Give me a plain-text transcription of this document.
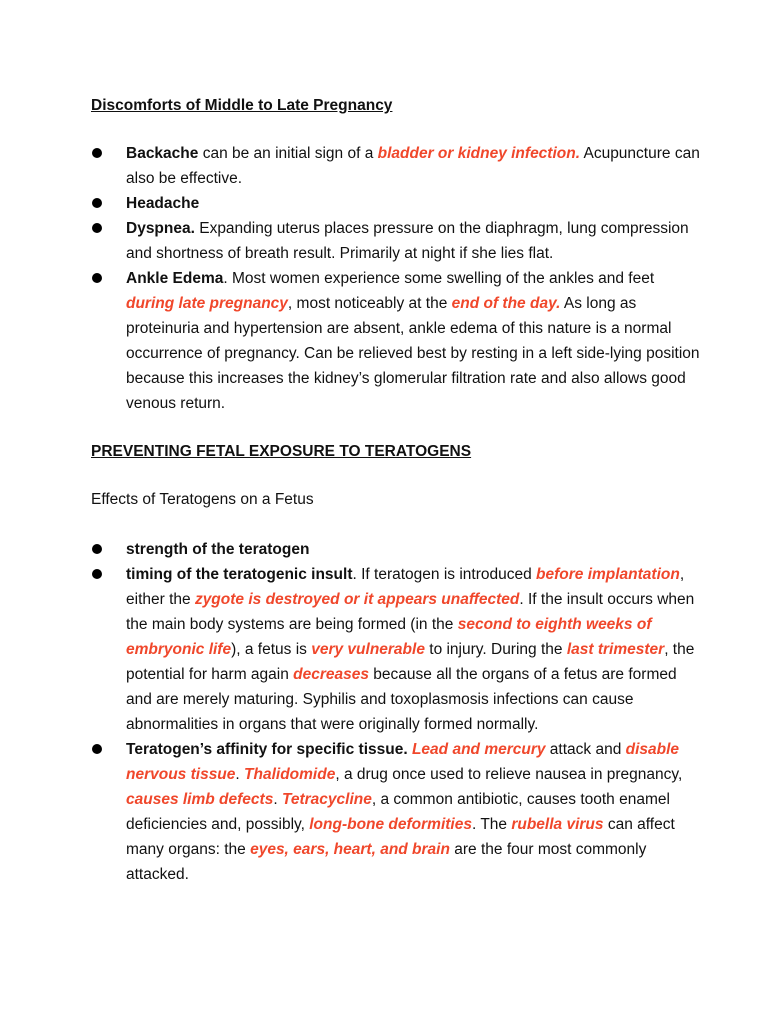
Discomforts of Middle to Late Pregnancy
Backache can be an initial sign of a bladder or kidney infection. Acupuncture can also be effective.
Headache
Dyspnea. Expanding uterus places pressure on the diaphragm, lung compression and shortness of breath result. Primarily at night if she lies flat.
Ankle Edema. Most women experience some swelling of the ankles and feet during late pregnancy, most noticeably at the end of the day. As long as proteinuria and hypertension are absent, ankle edema of this nature is a normal occurrence of pregnancy. Can be relieved best by resting in a left side-lying position because this increases the kidney’s glomerular filtration rate and also allows good venous return.
PREVENTING FETAL EXPOSURE TO TERATOGENS
Effects of Teratogens on a Fetus
strength of the teratogen
timing of the teratogenic insult. If teratogen is introduced before implantation, either the zygote is destroyed or it appears unaffected. If the insult occurs when the main body systems are being formed (in the second to eighth weeks of embryonic life), a fetus is very vulnerable to injury. During the last trimester, the potential for harm again decreases because all the organs of a fetus are formed and are merely maturing. Syphilis and toxoplasmosis infections can cause abnormalities in organs that were originally formed normally.
Teratogen’s affinity for specific tissue. Lead and mercury attack and disable nervous tissue. Thalidomide, a drug once used to relieve nausea in pregnancy, causes limb defects. Tetracycline, a common antibiotic, causes tooth enamel deficiencies and, possibly, long-bone deformities. The rubella virus can affect many organs: the eyes, ears, heart, and brain are the four most commonly attacked.
